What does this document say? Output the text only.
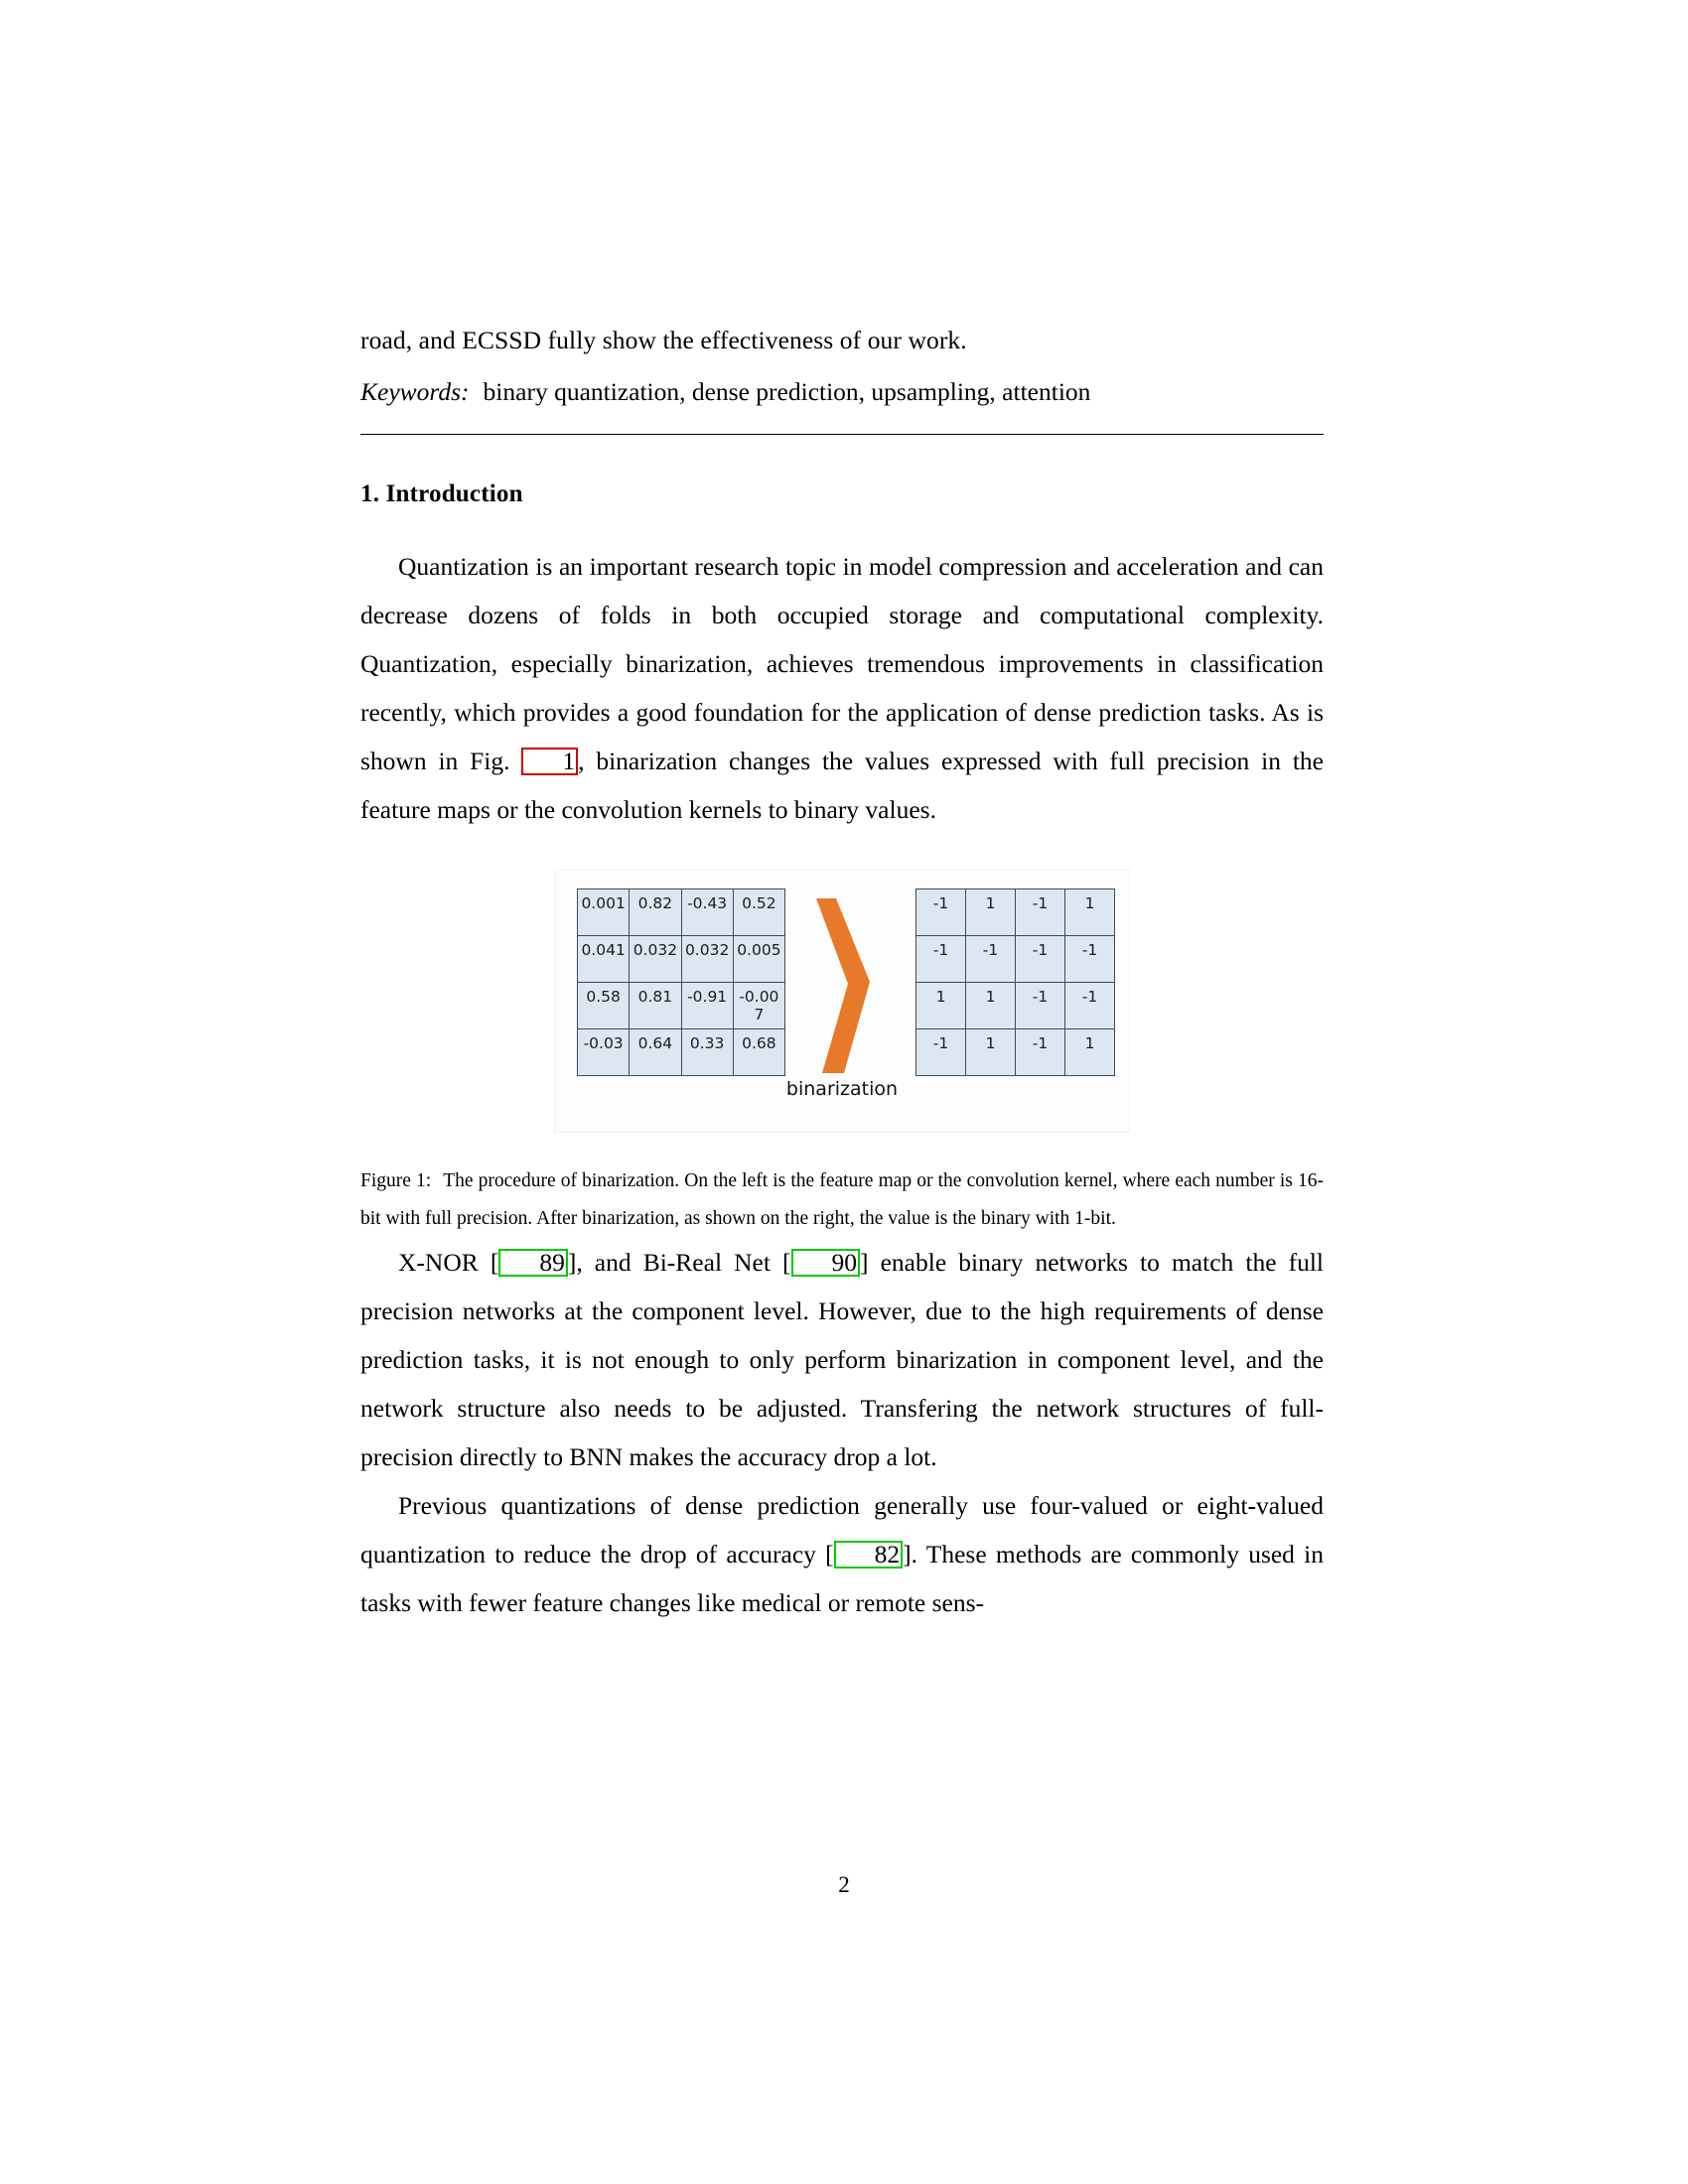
road, and ECSSD fully show the effectiveness of our work.
Keywords: binary quantization, dense prediction, upsampling, attention
1. Introduction

Quantization is an important research topic in model compression and acceleration and can decrease dozens of folds in both occupied storage and computational complexity. Quantization, especially binarization, achieves tremendous improvements in classification recently, which provides a good foundation for the application of dense prediction tasks. As is shown in Fig. 1 , binarization changes the values expressed with full precision in the feature maps or the convolution kernels to binary values.

0.001	0.82	-0.43	0.52
0.041	0.032	0.032	0.005
0.58	0.81	-0.91	-0.007
-0.03	0.64	0.33	0.68
-1	1	-1	1
-1	-1	-1	-1
1	1	-1	-1
-1	1	-1	1
binarization
Figure 1: The procedure of binarization. On the left is the feature map or the convolution kernel, where each number is 16-bit with full precision. After binarization, as shown on the right, the value is the binary with 1-bit.

X-NOR [ 89 ], and Bi-Real Net [ 90 ] enable binary networks to match the full precision networks at the component level. However, due to the high requirements of dense prediction tasks, it is not enough to only perform binarization in component level, and the network structure also needs to be adjusted. Transfering the network structures of full-precision directly to BNN makes the accuracy drop a lot.

Previous quantizations of dense prediction generally use four-valued or eight-valued quantization to reduce the drop of accuracy [ 82 ]. These methods are commonly used in tasks with fewer feature changes like medical or remote sens-

2
